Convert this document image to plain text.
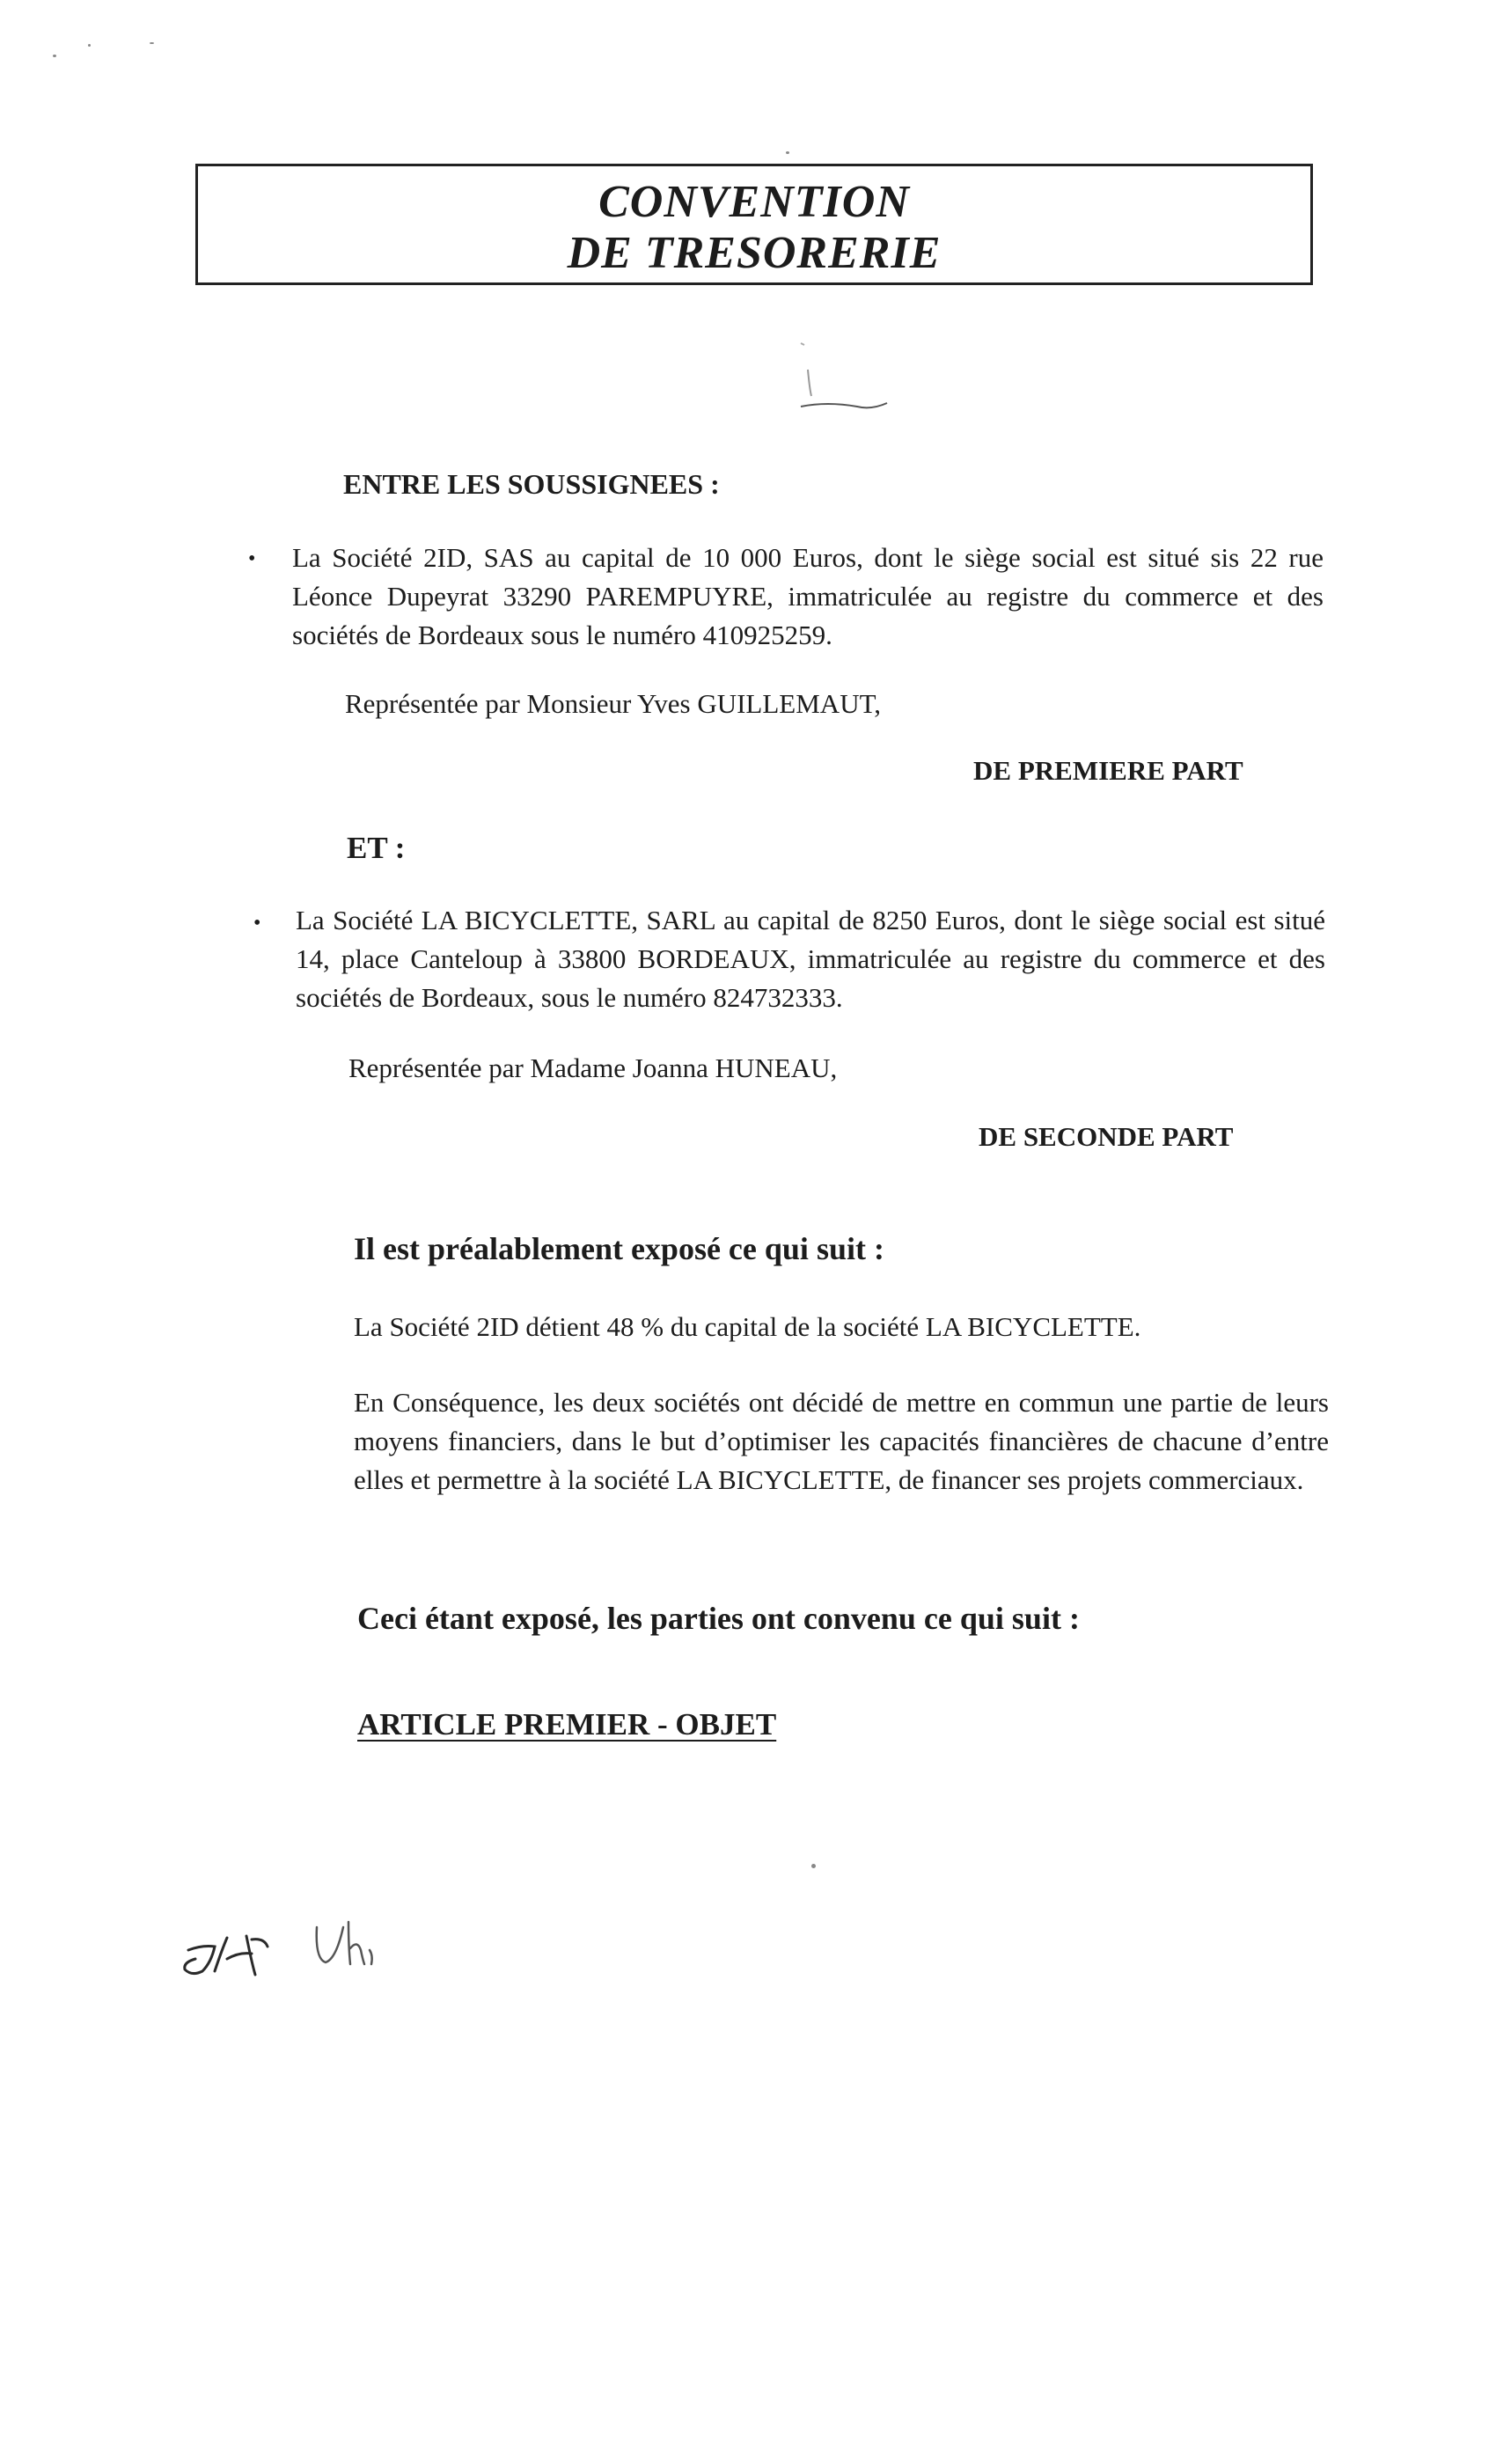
CONVENTION
DE TRESORERIE
ENTRE LES SOUSSIGNEES :
• La Société 2ID, SAS au capital de 10 000 Euros, dont le siège social est situé sis 22 rue Léonce Dupeyrat 33290 PAREMPUYRE, immatriculée au registre du commerce et des sociétés de Bordeaux sous le numéro 410925259.
Représentée par Monsieur Yves GUILLEMAUT,
DE PREMIERE PART
ET :
• La Société LA BICYCLETTE, SARL au capital de 8250 Euros, dont le siège social est situé 14, place Canteloup à 33800 BORDEAUX, immatriculée au registre du commerce et des sociétés de Bordeaux, sous le numéro 824732333.
Représentée par Madame Joanna HUNEAU,
DE SECONDE PART
Il est préalablement exposé ce qui suit :
La Société 2ID détient 48 % du capital de la société LA BICYCLETTE.
En Conséquence, les deux sociétés ont décidé de mettre en commun une partie de leurs moyens financiers, dans le but d’optimiser les capacités financières de chacune d’entre elles et permettre à la société LA BICYCLETTE, de financer ses projets commerciaux.
Ceci étant exposé, les parties ont convenu ce qui suit :
ARTICLE PREMIER - OBJET
